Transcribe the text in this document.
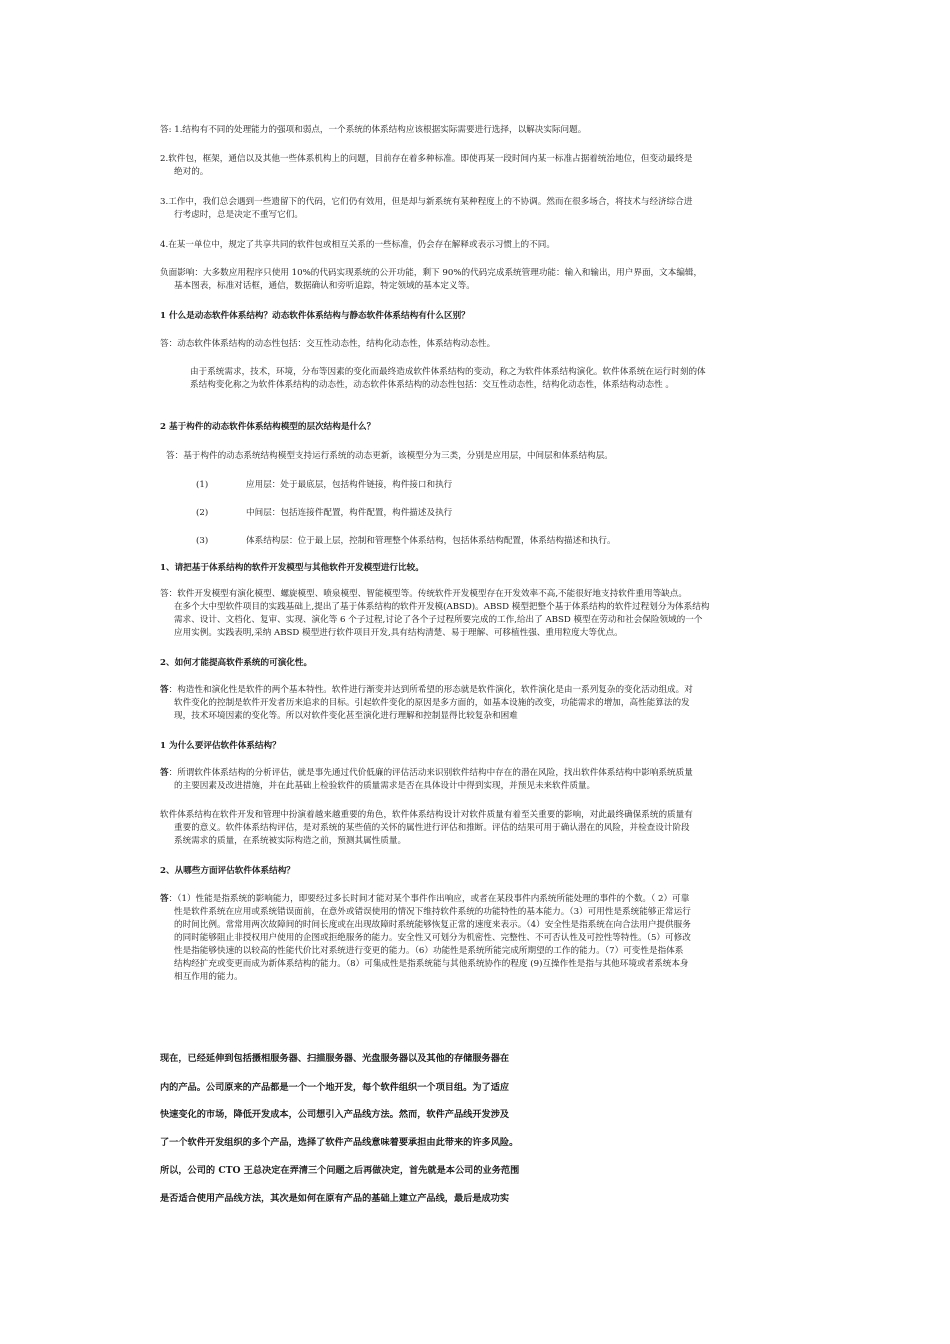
答: 1.结构有不同的处理能力的强项和弱点，一个系统的体系结构应该根据实际需要进行选择，以解决实际问题。
2.软件包，框架，通信以及其他一些体系机构上的问题，目前存在着多种标准。即使再某一段时间内某一标准占据着统治地位，但变动最终是
绝对的。
3.工作中，我们总会遇到一些遗留下的代码，它们仍有效用，但是却与新系统有某种程度上的不协调。然而在很多场合，将技术与经济综合进
行考虑时，总是决定不重写它们。
4.在某一单位中，规定了共享共同的软件包或相互关系的一些标准，仍会存在解释或表示习惯上的不同。
负面影响：大多数应用程序只使用 10%的代码实现系统的公开功能，剩下 90%的代码完成系统管理功能：输入和输出，用户界面，文本编辑，
基本图表，标准对话框，通信，数据确认和旁听追踪，特定领域的基本定义等。
1 什么是动态软件体系结构？动态软件体系结构与静态软件体系结构有什么区别？
答：动态软件体系结构的动态性包括：交互性动态性，结构化动态性，体系结构动态性。
由于系统需求，技术，环境，分布等因素的变化而最终造成软件体系结构的变动，称之为软件体系结构演化。软件体系统在运行时刻的体
系结构变化称之为软件体系结构的动态性，动态软件体系结构的动态性包括：交互性动态性，结构化动态性，体系结构动态性 。
2 基于构件的动态软件体系结构模型的层次结构是什么？
答：基于构件的动态系统结构模型支持运行系统的动态更新，该模型分为三类，分别是应用层，中间层和体系结构层。
(1)	应用层：处于最底层，包括构件链接，构件接口和执行
(2)	中间层：包括连接件配置，构件配置，构件描述及执行
(3)	体系结构层：位于最上层，控制和管理整个体系结构，包括体系结构配置，体系结构描述和执行。
1、请把基于体系结构的软件开发模型与其他软件开发模型进行比较。
答：软件开发模型有演化模型、螺旋模型、喷泉模型、智能模型等。传统软件开发模型存在开发效率不高,不能很好地支持软件重用等缺点。
在多个大中型软件项目的实践基础上,提出了基于体系结构的软件开发模(ABSD)。ABSD 模型把整个基于体系结构的软件过程划分为体系结构
需求、设计、文档化、复审、实现、演化等 6 个子过程,讨论了各个子过程所要完成的工作,给出了 ABSD 模型在劳动和社会保险领域的一个
应用实例。实践表明,采纳 ABSD 模型进行软件项目开发,具有结构清楚、易于理解、可移植性强、重用粒度大等优点。
2、如何才能提高软件系统的可演化性。
答：构造性和演化性是软件的两个基本特性。软件进行渐变并达到所希望的形态就是软件演化，软件演化是由一系列复杂的变化活动组成。对
软件变化的控制是软件开发者历来追求的目标。引起软件变化的原因是多方面的，如基本设施的改变，功能需求的增加，高性能算法的发
现，技术环境因素的变化等。所以对软件变化甚至演化进行理解和控制显得比较复杂和困难
1 为什么要评估软件体系结构？
答：所谓软件体系结构的分析评估，就是事先通过代价低廉的评估活动来识别软件结构中存在的潜在风险，找出软件体系结构中影响系统质量
的主要因素及改进措施，并在此基础上检验软件的质量需求是否在具体设计中得到实现，并预见未来软件质量。
软件体系结构在软件开发和管理中扮演着越来越重要的角色，软件体系结构设计对软件质量有着至关重要的影响，对此最终确保系统的质量有
重要的意义。软件体系结构评估，是对系统的某些值的关怀的属性进行评估和推断。评估的结果可用于确认潜在的风险，并检查设计阶段
系统需求的质量，在系统被实际构造之前，预测其属性质量。
2、从哪些方面评估软件体系结构？
答：（1）性能是指系统的影响能力，即要经过多长时间才能对某个事件作出响应，或者在某段事件内系统所能处理的事件的个数。（ 2）可靠
性是软件系统在应用或系统错误面前，在意外或错误使用的情况下维持软件系统的功能特性的基本能力。（3）可用性是系统能够正常运行
的时间比例。常常用两次故障间的时间长度或在出现故障时系统能够恢复正常的速度来表示。（4）安全性是指系统在向合法用户提供服务
的同时能够阻止非授权用户使用的企图或拒绝服务的能力。安全性又可划分为机密性、完整性、不可否认性及可控性等特性。（5）可修改
性是指能够快速的以较高的性能代价比对系统进行变更的能力。（6）功能性是系统所能完成所期望的工作的能力。（7）可变性是指体系
结构经扩充或变更而成为新体系结构的能力。（8）可集成性是指系统能与其他系统协作的程度 (9)互操作性是指与其他环境或者系统本身
相互作用的能力。
现在，已经延伸到包括摄相服务器、扫描服务器、光盘服务器以及其他的存储服务器在
内的产品。公司原来的产品都是一个一个地开发，每个软件组织一个项目组。为了适应
快速变化的市场，降低开发成本，公司想引入产品线方法。然而，软件产品线开发涉及
了一个软件开发组织的多个产品，选择了软件产品线意味着要承担由此带来的许多风险。
所以，公司的 CTO 王总决定在弄清三个问题之后再做决定，首先就是本公司的业务范围
是否适合使用产品线方法，其次是如何在原有产品的基础上建立产品线，最后是成功实
